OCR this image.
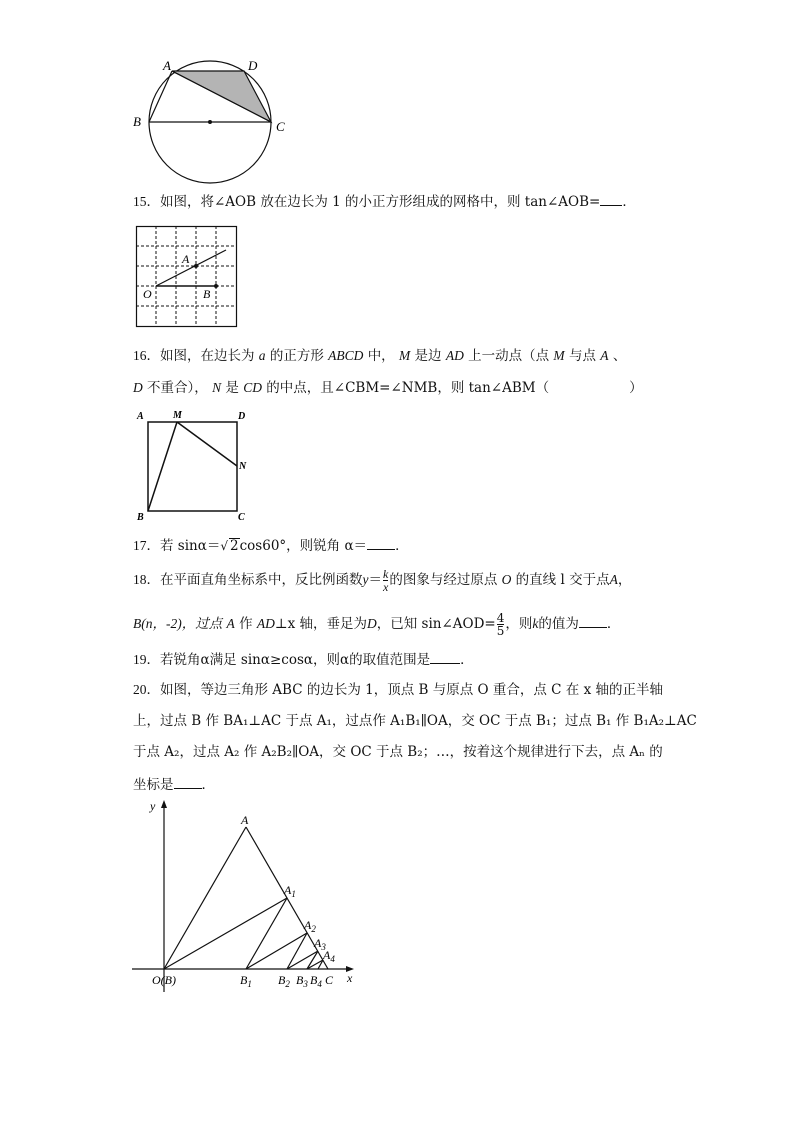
A	D
B	C
15．如图，将∠AOB 放在边长为 1 的小正方形组成的网格中，则 tan∠AOB= ．
A
O	B
16．如图，在边长为 a 的正方形 ABCD 中， M 是边 AD 上一动点（点 M 与点 A 、
D 不重合）， N 是 CD 的中点，且∠CBM=∠NMB，则 tan∠ABM（	）
A	M	D
N
B	C
17．若 sinα＝√ 2cos60°，则锐角 α＝ ．
18．在平面直角坐标系中，反比例函数$y= \frac{k}{x}$ 的图象与经过原点 O 的直线 l 交于点A，
B(n，-2)，过点 A 作 AD⊥x 轴，垂足为D，已知 sin∠AOD= $\frac{4}{5}$ ，则k的值为 ．
19．若锐角α满足 sinα≥cosα，则α的取值范围是 ．
20．如图，等边三角形 ABC 的边长为 1，顶点 B 与原点 O 重合，点 C 在 x 轴的正半轴
上，过点 B 作 BA₁⊥AC 于点 A₁，过点作 A₁B₁∥OA，交 OC 于点 B₁；过点 B₁ 作 B₁A₂⊥AC
于点 A₂，过点 A₂ 作 A₂B₂∥OA，交 OC 于点 B₂；…，按着这个规律进行下去，点 Aₙ 的
坐标是 ．
y
A
$A_1$
$A_2$
$A_3$
$A_4$
O(B)	$B_1$ $B_2$ $B_3$ $B_4$ C x
